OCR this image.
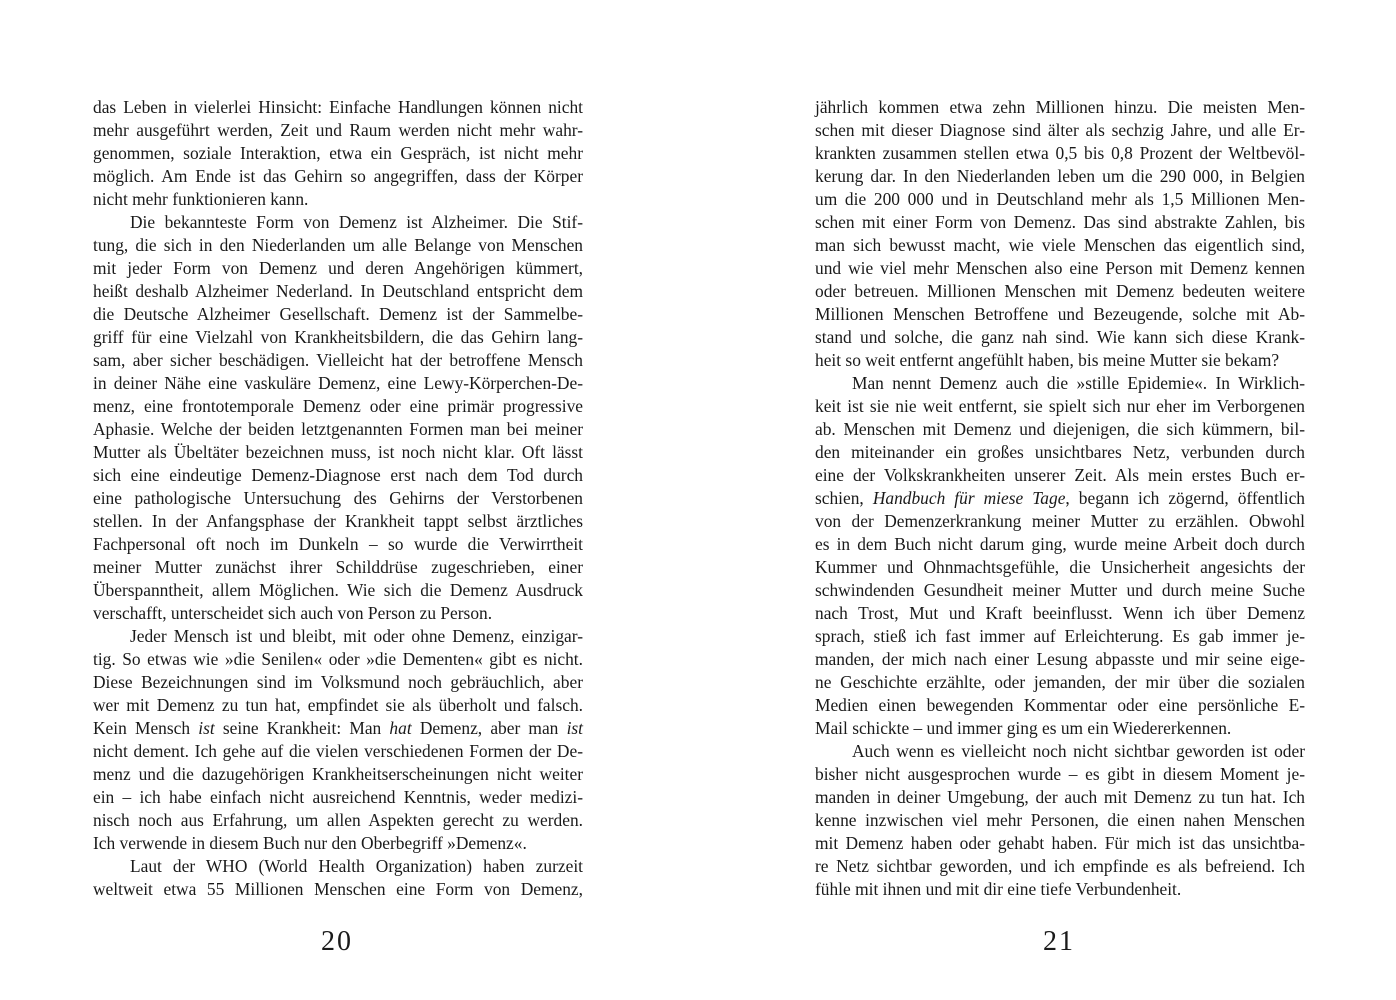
das Leben in vielerlei Hinsicht: Einfache Handlungen können nicht
mehr ausgeführt werden, Zeit und Raum werden nicht mehr wahr-
genommen, soziale Interaktion, etwa ein Gespräch, ist nicht mehr
möglich. Am Ende ist das Gehirn so angegriffen, dass der Körper
nicht mehr funktionieren kann.
Die bekannteste Form von Demenz ist Alzheimer. Die Stif-
tung, die sich in den Niederlanden um alle Belange von Menschen
mit jeder Form von Demenz und deren Angehörigen kümmert,
heißt deshalb Alzheimer Nederland. In Deutschland entspricht dem
die Deutsche Alzheimer Gesellschaft. Demenz ist der Sammelbe-
griff für eine Vielzahl von Krankheitsbildern, die das Gehirn lang-
sam, aber sicher beschädigen. Vielleicht hat der betroffene Mensch
in deiner Nähe eine vaskuläre Demenz, eine Lewy-Körperchen-De-
menz, eine frontotemporale Demenz oder eine primär progressive
Aphasie. Welche der beiden letztgenannten Formen man bei meiner
Mutter als Übeltäter bezeichnen muss, ist noch nicht klar. Oft lässt
sich eine eindeutige Demenz-Diagnose erst nach dem Tod durch
eine pathologische Untersuchung des Gehirns der Verstorbenen
stellen. In der Anfangsphase der Krankheit tappt selbst ärztliches
Fachpersonal oft noch im Dunkeln – so wurde die Verwirrtheit
meiner Mutter zunächst ihrer Schilddrüse zugeschrieben, einer
Überspanntheit, allem Möglichen. Wie sich die Demenz Ausdruck
verschafft, unterscheidet sich auch von Person zu Person.
Jeder Mensch ist und bleibt, mit oder ohne Demenz, einzigar-
tig. So etwas wie »die Senilen« oder »die Dementen« gibt es nicht.
Diese Bezeichnungen sind im Volksmund noch gebräuchlich, aber
wer mit Demenz zu tun hat, empfindet sie als überholt und falsch.
Kein Mensch ist seine Krankheit: Man hat Demenz, aber man ist
nicht dement. Ich gehe auf die vielen verschiedenen Formen der De-
menz und die dazugehörigen Krankheitserscheinungen nicht weiter
ein – ich habe einfach nicht ausreichend Kenntnis, weder medizi-
nisch noch aus Erfahrung, um allen Aspekten gerecht zu werden.
Ich verwende in diesem Buch nur den Oberbegriff »Demenz«.
Laut der WHO (World Health Organization) haben zurzeit
weltweit etwa 55 Millionen Menschen eine Form von Demenz,
20
jährlich kommen etwa zehn Millionen hinzu. Die meisten Men-
schen mit dieser Diagnose sind älter als sechzig Jahre, und alle Er-
krankten zusammen stellen etwa 0,5 bis 0,8 Prozent der Weltbevöl-
kerung dar. In den Niederlanden leben um die 290 000, in Belgien
um die 200 000 und in Deutschland mehr als 1,5 Millionen Men-
schen mit einer Form von Demenz. Das sind abstrakte Zahlen, bis
man sich bewusst macht, wie viele Menschen das eigentlich sind,
und wie viel mehr Menschen also eine Person mit Demenz kennen
oder betreuen. Millionen Menschen mit Demenz bedeuten weitere
Millionen Menschen Betroffene und Bezeugende, solche mit Ab-
stand und solche, die ganz nah sind. Wie kann sich diese Krank-
heit so weit entfernt angefühlt haben, bis meine Mutter sie bekam?
Man nennt Demenz auch die »stille Epidemie«. In Wirklich-
keit ist sie nie weit entfernt, sie spielt sich nur eher im Verborgenen
ab. Menschen mit Demenz und diejenigen, die sich kümmern, bil-
den miteinander ein großes unsichtbares Netz, verbunden durch
eine der Volkskrankheiten unserer Zeit. Als mein erstes Buch er-
schien, Handbuch für miese Tage, begann ich zögernd, öffentlich
von der Demenzerkrankung meiner Mutter zu erzählen. Obwohl
es in dem Buch nicht darum ging, wurde meine Arbeit doch durch
Kummer und Ohnmachtsgefühle, die Unsicherheit angesichts der
schwindenden Gesundheit meiner Mutter und durch meine Suche
nach Trost, Mut und Kraft beeinflusst. Wenn ich über Demenz
sprach, stieß ich fast immer auf Erleichterung. Es gab immer je-
manden, der mich nach einer Lesung abpasste und mir seine eige-
ne Geschichte erzählte, oder jemanden, der mir über die sozialen
Medien einen bewegenden Kommentar oder eine persönliche E-
Mail schickte – und immer ging es um ein Wiedererkennen.
Auch wenn es vielleicht noch nicht sichtbar geworden ist oder
bisher nicht ausgesprochen wurde – es gibt in diesem Moment je-
manden in deiner Umgebung, der auch mit Demenz zu tun hat. Ich
kenne inzwischen viel mehr Personen, die einen nahen Menschen
mit Demenz haben oder gehabt haben. Für mich ist das unsichtba-
re Netz sichtbar geworden, und ich empfinde es als befreiend. Ich
fühle mit ihnen und mit dir eine tiefe Verbundenheit.
21
